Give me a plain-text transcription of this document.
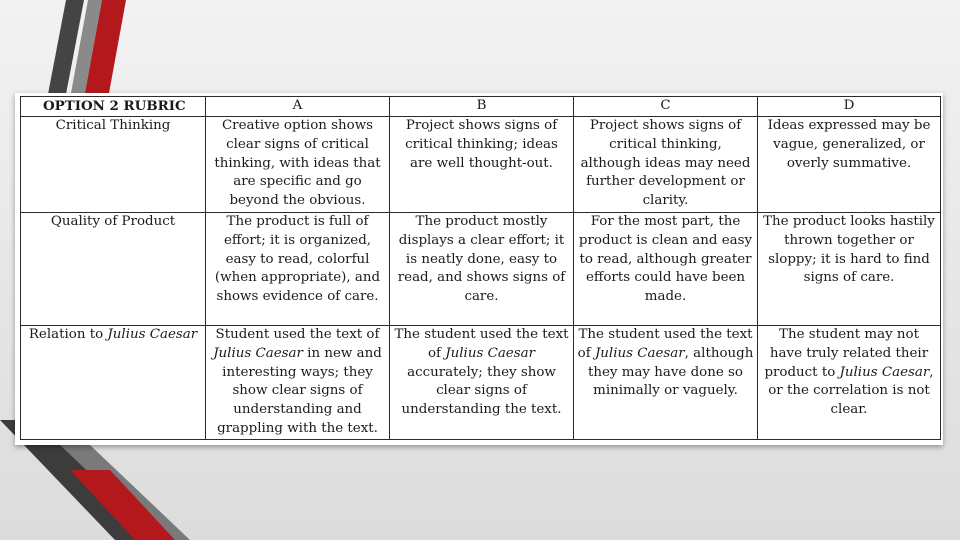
OPTION 2 RUBRIC	A	B	C	D
Critical Thinking	Creative option shows clear signs of critical thinking, with ideas that are specific and go beyond the obvious.	Project shows signs of critical thinking; ideas are well thought-out.	Project shows signs of critical thinking, although ideas may need further development or clarity.	Ideas expressed may be vague, generalized, or overly summative.
Quality of Product	The product is full of effort; it is organized, easy to read, colorful (when appropriate), and shows evidence of care.	The product mostly displays a clear effort; it is neatly done, easy to read, and shows signs of care.	For the most part, the product is clean and easy to read, although greater efforts could have been made.	The product looks hastily thrown together or sloppy; it is hard to find signs of care.
Relation to Julius Caesar	Student used the text of Julius Caesar in new and interesting ways; they show clear signs of understanding and grappling with the text.	The student used the text of Julius Caesar accurately; they show clear signs of understanding the text.	The student used the text of Julius Caesar, although they may have done so minimally or vaguely.	The student may not have truly related their product to Julius Caesar, or the correlation is not clear.
